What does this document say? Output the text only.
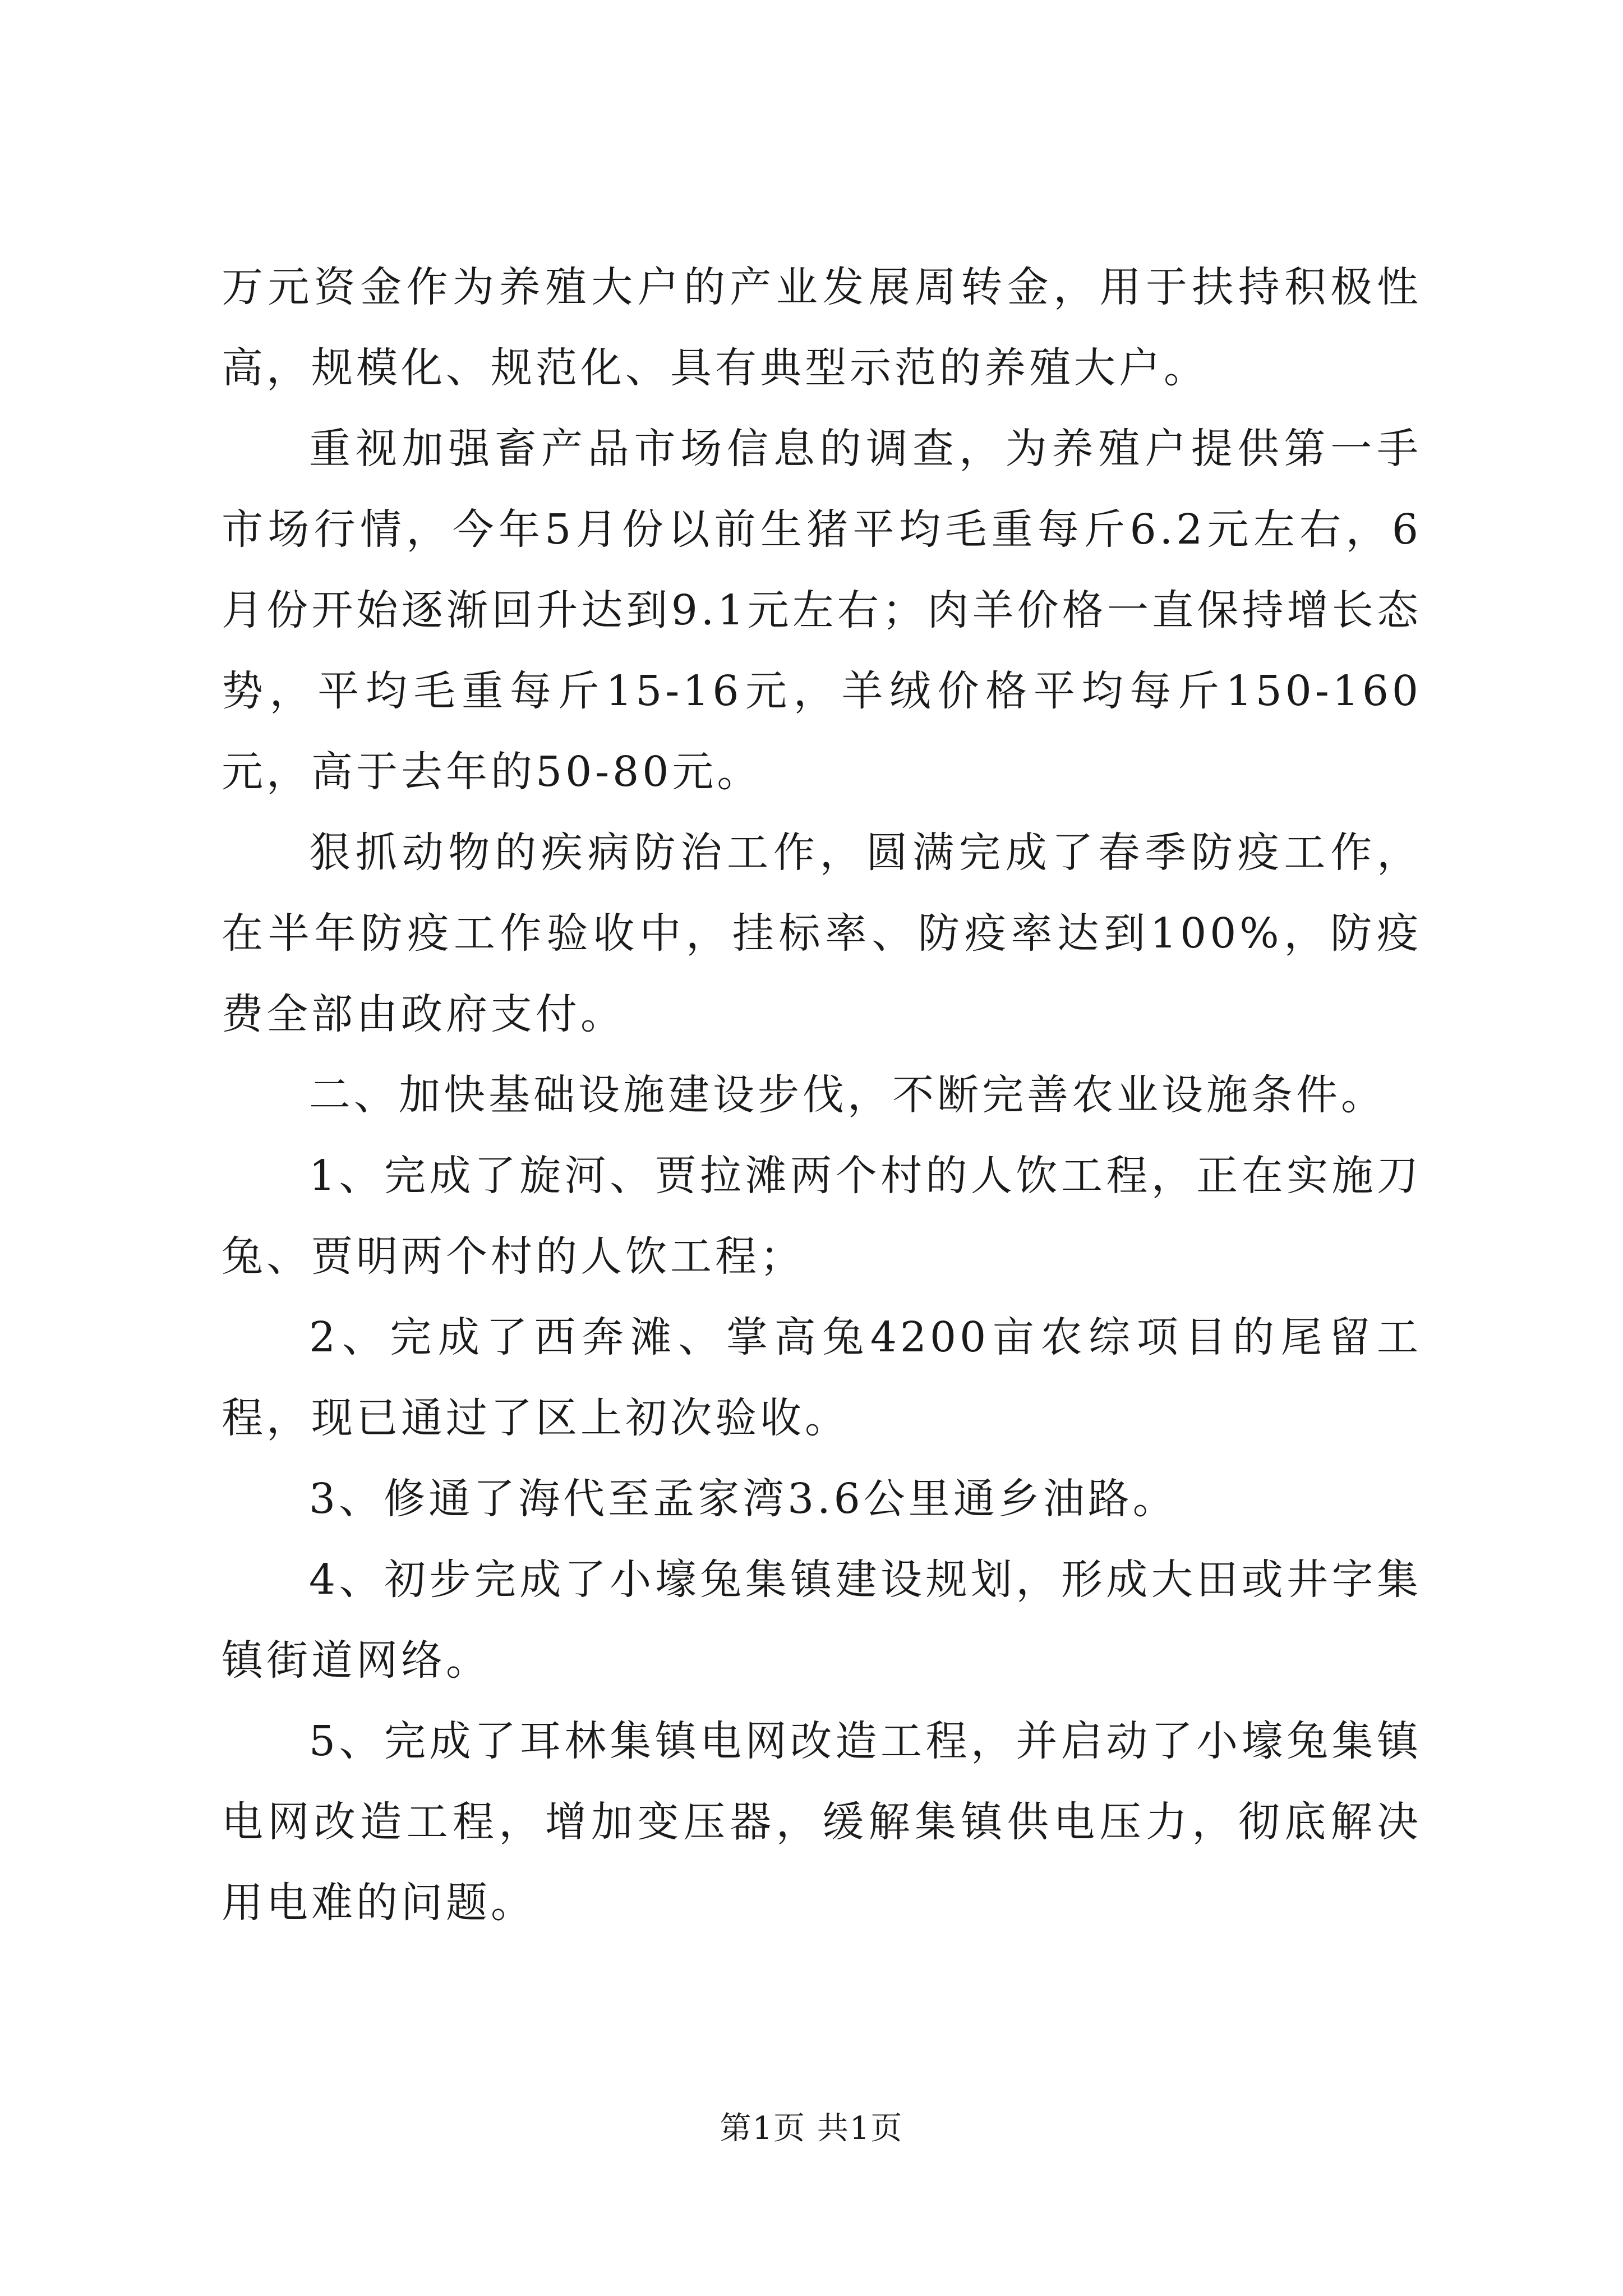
万元资金作为养殖大户的产业发展周转金，用于扶持积极性高，规模化、规范化、具有典型示范的养殖大户。

重视加强畜产品市场信息的调查，为养殖户提供第一手市场行情，今年5月份以前生猪平均毛重每斤6.2元左右，6月份开始逐渐回升达到9.1元左右；肉羊价格一直保持增长态势，平均毛重每斤15-16元，羊绒价格平均每斤150-160元，高于去年的50-80元。

狠抓动物的疾病防治工作，圆满完成了春季防疫工作，在半年防疫工作验收中，挂标率、防疫率达到100%，防疫费全部由政府支付。

二、加快基础设施建设步伐，不断完善农业设施条件。

1、完成了旋河、贾拉滩两个村的人饮工程，正在实施刀兔、贾明两个村的人饮工程；

2、完成了西奔滩、掌高兔4200亩农综项目的尾留工程，现已通过了区上初次验收。

3、修通了海代至孟家湾3.6公里通乡油路。

4、初步完成了小壕兔集镇建设规划，形成大田或井字集镇街道网络。

5、完成了耳林集镇电网改造工程，并启动了小壕兔集镇电网改造工程，增加变压器，缓解集镇供电压力，彻底解决用电难的问题。

第1页 共1页
